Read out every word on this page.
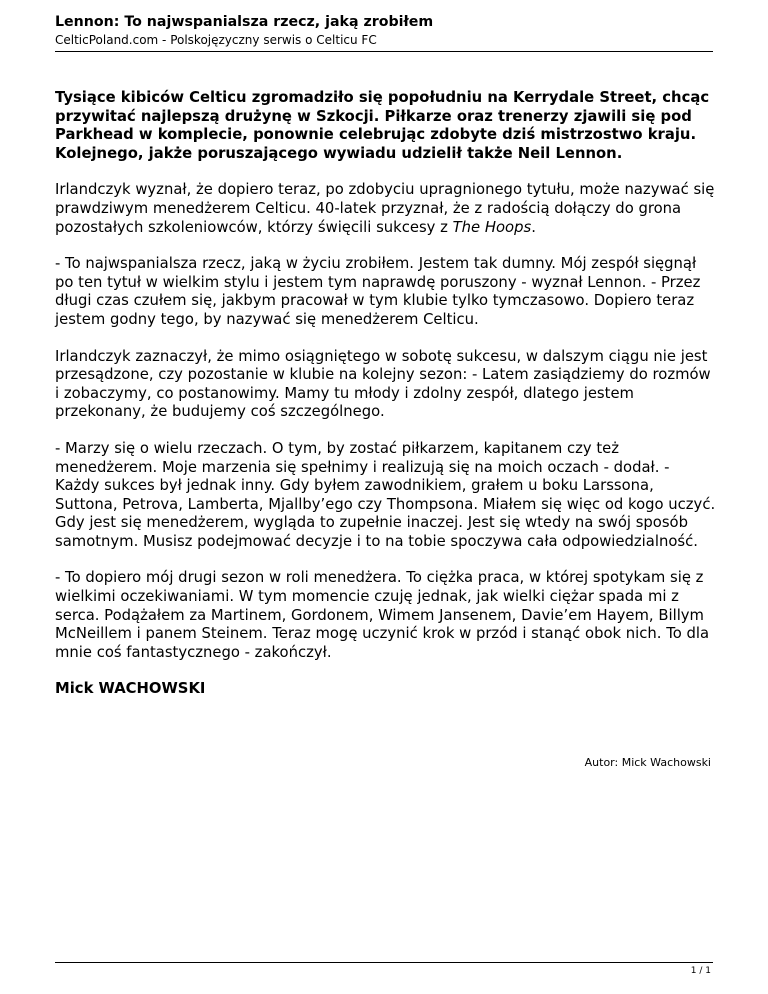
Lennon: To najwspanialsza rzecz, jaką zrobiłem
CelticPoland.com - Polskojęzyczny serwis o Celticu FC

Tysiące kibiców Celticu zgromadziło się popołudniu na Kerrydale Street, chcąc przywitać najlepszą drużynę w Szkocji. Piłkarze oraz trenerzy zjawili się pod Parkhead w komplecie, ponownie celebrując zdobyte dziś mistrzostwo kraju. Kolejnego, jakże poruszającego wywiadu udzielił także Neil Lennon.

Irlandczyk wyznał, że dopiero teraz, po zdobyciu upragnionego tytułu, może nazywać się prawdziwym menedżerem Celticu. 40-latek przyznał, że z radością dołączy do grona pozostałych szkoleniowców, którzy święcili sukcesy z The Hoops.

- To najwspanialsza rzecz, jaką w życiu zrobiłem. Jestem tak dumny. Mój zespół sięgnął po ten tytuł w wielkim stylu i jestem tym naprawdę poruszony - wyznał Lennon. - Przez długi czas czułem się, jakbym pracował w tym klubie tylko tymczasowo. Dopiero teraz jestem godny tego, by nazywać się menedżerem Celticu.

Irlandczyk zaznaczył, że mimo osiągniętego w sobotę sukcesu, w dalszym ciągu nie jest przesądzone, czy pozostanie w klubie na kolejny sezon: - Latem zasiądziemy do rozmów i zobaczymy, co postanowimy. Mamy tu młody i zdolny zespół, dlatego jestem przekonany, że budujemy coś szczególnego.

- Marzy się o wielu rzeczach. O tym, by zostać piłkarzem, kapitanem czy też menedżerem. Moje marzenia się spełnimy i realizują się na moich oczach - dodał. - Każdy sukces był jednak inny. Gdy byłem zawodnikiem, grałem u boku Larssona, Suttona, Petrova, Lamberta, Mjallby’ego czy Thompsona. Miałem się więc od kogo uczyć. Gdy jest się menedżerem, wygląda to zupełnie inaczej. Jest się wtedy na swój sposób samotnym. Musisz podejmować decyzje i to na tobie spoczywa cała odpowiedzialność.

- To dopiero mój drugi sezon w roli menedżera. To ciężka praca, w której spotykam się z wielkimi oczekiwaniami. W tym momencie czuję jednak, jak wielki ciężar spada mi z serca. Podążałem za Martinem, Gordonem, Wimem Jansenem, Davie’em Hayem, Billym McNeillem i panem Steinem. Teraz mogę uczynić krok w przód i stanąć obok nich. To dla mnie coś fantastycznego - zakończył.

Mick WACHOWSKI

Autor: Mick Wachowski
1 / 1
